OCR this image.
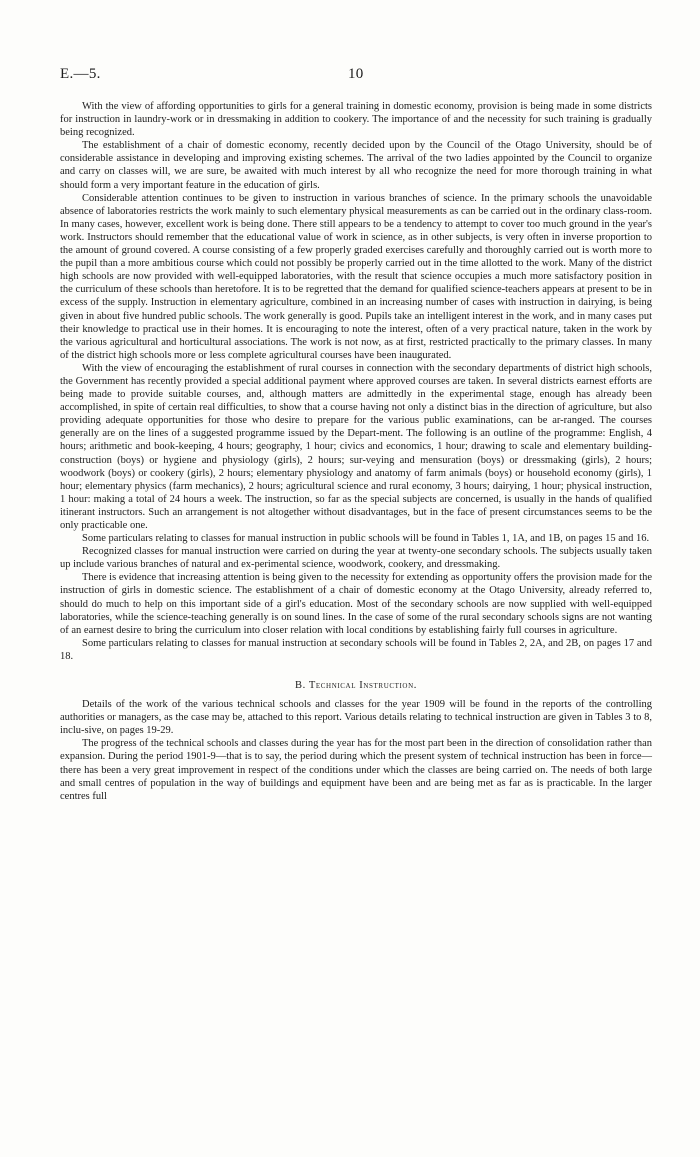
E.—5.	10

With the view of affording opportunities to girls for a general training in domestic economy, provision is being made in some districts for instruction in laundry-work or in dressmaking in addition to cookery. The importance of and the necessity for such training is gradually being recognized.

The establishment of a chair of domestic economy, recently decided upon by the Council of the Otago University, should be of considerable assistance in developing and improving existing schemes. The arrival of the two ladies appointed by the Council to organize and carry on classes will, we are sure, be awaited with much interest by all who recognize the need for more thorough training in what should form a very important feature in the education of girls.

Considerable attention continues to be given to instruction in various branches of science. In the primary schools the unavoidable absence of laboratories restricts the work mainly to such elementary physical measurements as can be carried out in the ordinary class-room. In many cases, however, excellent work is being done. There still appears to be a tendency to attempt to cover too much ground in the year's work. Instructors should remember that the educational value of work in science, as in other subjects, is very often in inverse proportion to the amount of ground covered. A course consisting of a few properly graded exercises carefully and thoroughly carried out is worth more to the pupil than a more ambitious course which could not possibly be properly carried out in the time allotted to the work. Many of the district high schools are now provided with well-equipped laboratories, with the result that science occupies a much more satisfactory position in the curriculum of these schools than heretofore. It is to be regretted that the demand for qualified science-teachers appears at present to be in excess of the supply. Instruction in elementary agriculture, combined in an increasing number of cases with instruction in dairying, is being given in about five hundred public schools. The work generally is good. Pupils take an intelligent interest in the work, and in many cases put their knowledge to practical use in their homes. It is encouraging to note the interest, often of a very practical nature, taken in the work by the various agricultural and horticultural associations. The work is not now, as at first, restricted practically to the primary classes. In many of the district high schools more or less complete agricultural courses have been inaugurated.

With the view of encouraging the establishment of rural courses in connection with the secondary departments of district high schools, the Government has recently provided a special additional payment where approved courses are taken. In several districts earnest efforts are being made to provide suitable courses, and, although matters are admittedly in the experimental stage, enough has already been accomplished, in spite of certain real difficulties, to show that a course having not only a distinct bias in the direction of agriculture, but also providing adequate opportunities for those who desire to prepare for the various public examinations, can be ar-ranged. The courses generally are on the lines of a suggested programme issued by the Depart-ment. The following is an outline of the programme: English, 4 hours; arithmetic and book-keeping, 4 hours; geography, 1 hour; civics and economics, 1 hour; drawing to scale and elementary building-construction (boys) or hygiene and physiology (girls), 2 hours; sur-veying and mensuration (boys) or dressmaking (girls), 2 hours; woodwork (boys) or cookery (girls), 2 hours; elementary physiology and anatomy of farm animals (boys) or household economy (girls), 1 hour; elementary physics (farm mechanics), 2 hours; agricultural science and rural economy, 3 hours; dairying, 1 hour; physical instruction, 1 hour: making a total of 24 hours a week. The instruction, so far as the special subjects are concerned, is usually in the hands of qualified itinerant instructors. Such an arrangement is not altogether without disadvantages, but in the face of present circumstances seems to be the only practicable one.

Some particulars relating to classes for manual instruction in public schools will be found in Tables 1, 1A, and 1B, on pages 15 and 16.

Recognized classes for manual instruction were carried on during the year at twenty-one secondary schools. The subjects usually taken up include various branches of natural and ex-perimental science, woodwork, cookery, and dressmaking.

There is evidence that increasing attention is being given to the necessity for extending as opportunity offers the provision made for the instruction of girls in domestic science. The establishment of a chair of domestic economy at the Otago University, already referred to, should do much to help on this important side of a girl's education. Most of the secondary schools are now supplied with well-equipped laboratories, while the science-teaching generally is on sound lines. In the case of some of the rural secondary schools signs are not wanting of an earnest desire to bring the curriculum into closer relation with local conditions by establishing fairly full courses in agriculture.

Some particulars relating to classes for manual instruction at secondary schools will be found in Tables 2, 2A, and 2B, on pages 17 and 18.

B. Technical Instruction.

Details of the work of the various technical schools and classes for the year 1909 will be found in the reports of the controlling authorities or managers, as the case may be, attached to this report. Various details relating to technical instruction are given in Tables 3 to 8, inclu-sive, on pages 19-29.

The progress of the technical schools and classes during the year has for the most part been in the direction of consolidation rather than expansion. During the period 1901-9—that is to say, the period during which the present system of technical instruction has been in force—there has been a very great improvement in respect of the conditions under which the classes are being carried on. The needs of both large and small centres of population in the way of buildings and equipment have been and are being met as far as is practicable. In the larger centres full
